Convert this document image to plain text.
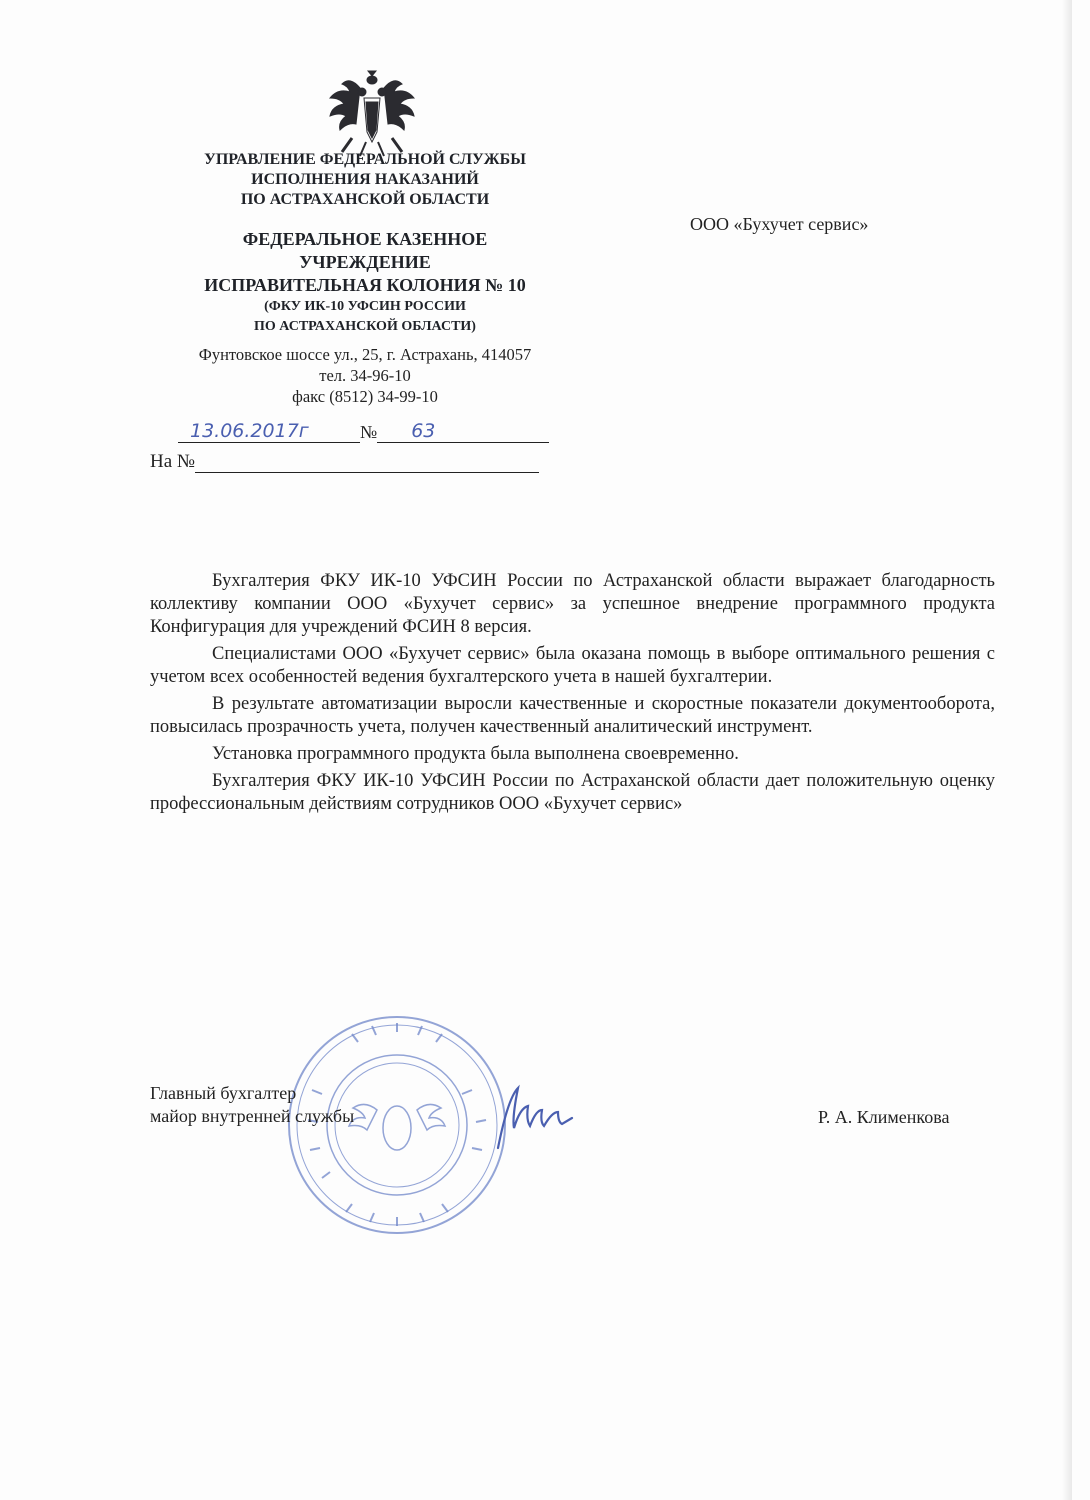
УПРАВЛЕНИЕ ФЕДЕРАЛЬНОЙ СЛУЖБЫ
ИСПОЛНЕНИЯ НАКАЗАНИЙ
ПО АСТРАХАНСКОЙ ОБЛАСТИ
ФЕДЕРАЛЬНОЕ КАЗЕННОЕ
УЧРЕЖДЕНИЕ
ИСПРАВИТЕЛЬНАЯ КОЛОНИЯ № 10
(ФКУ ИК-10 УФСИН РОССИИ
ПО АСТРАХАНСКОЙ ОБЛАСТИ)
Фунтовское шоссе ул., 25, г. Астрахань, 414057
тел. 34-96-10
факс (8512) 34-99-10
13.06.2017г	№ 63
На №
ООО «Бухучет сервис»

Бухгалтерия ФКУ ИК-10 УФСИН России по Астраханской области выражает благодарность коллективу компании ООО «Бухучет сервис» за успешное внедрение программного продукта Конфигурация для учреждений ФСИН 8 версия.

Специалистами ООО «Бухучет сервис» была оказана помощь в выборе оптимального решения с учетом всех особенностей ведения бухгалтерского учета в нашей бухгалтерии.

В результате автоматизации выросли качественные и скоростные показатели документооборота, повысилась прозрачность учета, получен качественный аналитический инструмент.

Установка программного продукта была выполнена своевременно.

Бухгалтерия ФКУ ИК-10 УФСИН России по Астраханской области дает положительную оценку профессиональным действиям сотрудников ООО «Бухучет сервис»

Главный бухгалтер
майор внутренней службы	Р. А. Клименкова
